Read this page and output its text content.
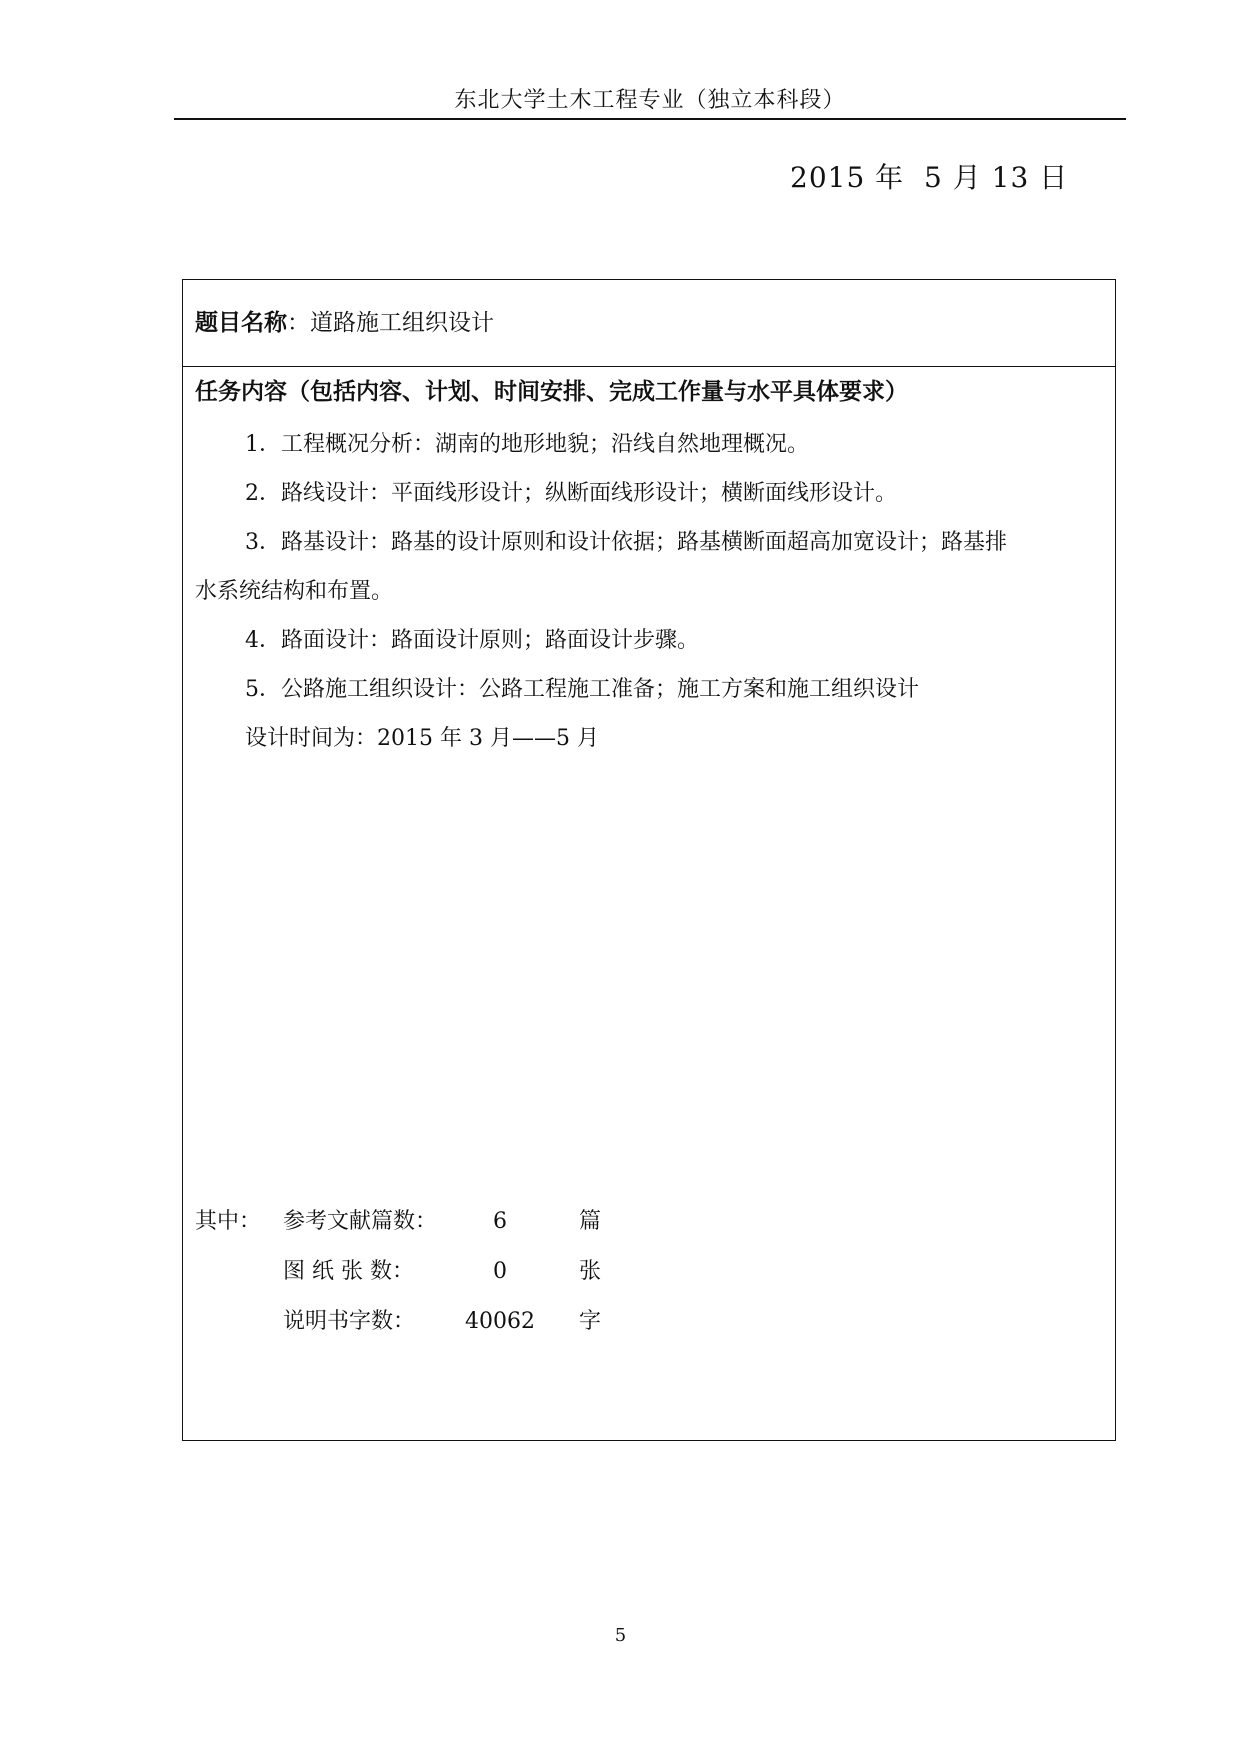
东北大学土木工程专业（独立本科段）
2015 年 5 月 13 日
题目名称：道路施工组织设计
任务内容（包括内容、计划、时间安排、完成工作量与水平具体要求）

1．工程概况分析：湖南的地形地貌；沿线自然地理概况。

2．路线设计：平面线形设计；纵断面线形设计；横断面线形设计。

3．路基设计：路基的设计原则和设计依据；路基横断面超高加宽设计；路基排

水系统结构和布置。

4．路面设计：路面设计原则；路面设计步骤。

5．公路施工组织设计：公路工程施工准备；施工方案和施工组织设计

设计时间为：2015 年 3 月——5 月

其中： 参考文献篇数：	6	篇
图 纸 张 数：	0	张
说明书字数：	40062	字
5
